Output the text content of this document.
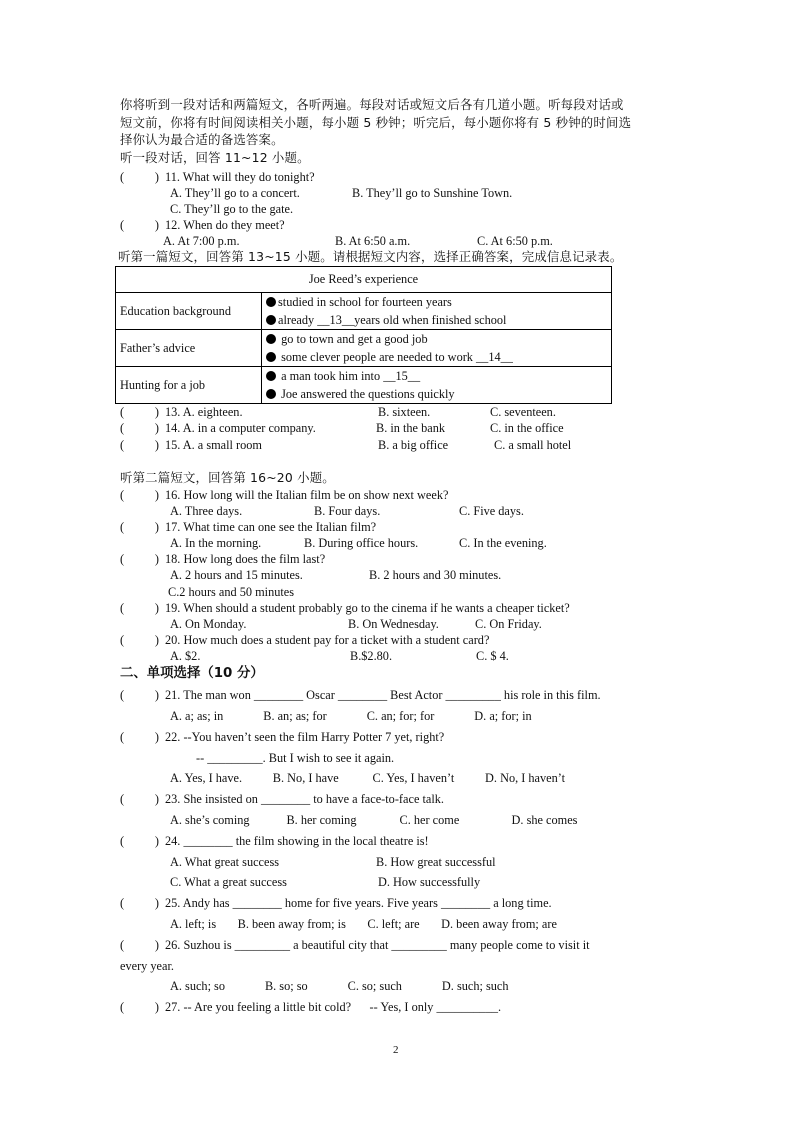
你将听到一段对话和两篇短文，各听两遍。每段对话或短文后各有几道小题。听每段对话或
短文前，你将有时间阅读相关小题，每小题 5 秒钟；听完后，每小题你将有 5 秒钟的时间选
择你认为最合适的备选答案。
听一段对话，回答 11~12 小题。
(          ) 11. What will they do tonight?
A. They’ll go to a concert.	B. They’ll go to Sunshine Town.
C. They’ll go to the gate.
(          ) 12. When do they meet?
A. At 7:00 p.m.	B. At 6:50 a.m.	C. At 6:50 p.m.
听第一篇短文，回答第 13~15 小题。请根据短文内容，选择正确答案，完成信息记录表。
Joe Reed’s experience	
Education background	studied in school for fourteen years
already __13__years old when finished school

Father’s advice	go to town and get a good job
some clever people are needed to work __14__

Hunting for a job	a man took him into __15__
Joe answered the questions quickly
(          ) 13. A. eighteen.	B. sixteen.	C. seventeen.
(          ) 14. A. in a computer company.	B. in the bank	C. in the office
(          ) 15. A. a small room	B. a big office	C. a small hotel
听第二篇短文，回答第 16~20 小题。
(          ) 16. How long will the Italian film be on show next week?
A. Three days.	B. Four days.	C. Five days.
(          ) 17. What time can one see the Italian film?
A. In the morning.	B. During office hours.	C. In the evening.
(          ) 18. How long does the film last?
A. 2 hours and 15 minutes.	B. 2 hours and 30 minutes.
C.2 hours and 50 minutes
(          ) 19. When should a student probably go to the cinema if he wants a cheaper ticket?
A. On Monday.	B. On Wednesday.	C. On Friday.
(          ) 20. How much does a student pay for a ticket with a student card?
A. $2.	B.$2.80.	C. $ 4.
二、单项选择（10 分）
(          ) 21. The man won ________ Oscar ________ Best Actor _________ his role in this film.
A. a; as; in             B. an; as; for             C. an; for; for             D. a; for; in
(          ) 22. --You haven’t seen the film Harry Potter 7 yet, right?
-- _________. But I wish to see it again.
A. Yes, I have.          B. No, I have           C. Yes, I haven’t          D. No, I haven’t
(          ) 23. She insisted on ________ to have a face-to-face talk.
A. she’s coming            B. her coming              C. her come                 D. she comes
(          ) 24. ________ the film showing in the local theatre is!
A. What great success	B. How great successful
C. What a great success	D. How successfully
(          ) 25. Andy has ________ home for five years. Five years ________ a long time.
A. left; is       B. been away from; is       C. left; are       D. been away from; are
(          ) 26. Suzhou is _________ a beautiful city that _________ many people come to visit it
every year.
A. such; so             B. so; so             C. so; such             D. such; such
(          ) 27. -- Are you feeling a little bit cold?      -- Yes, I only __________.
2
